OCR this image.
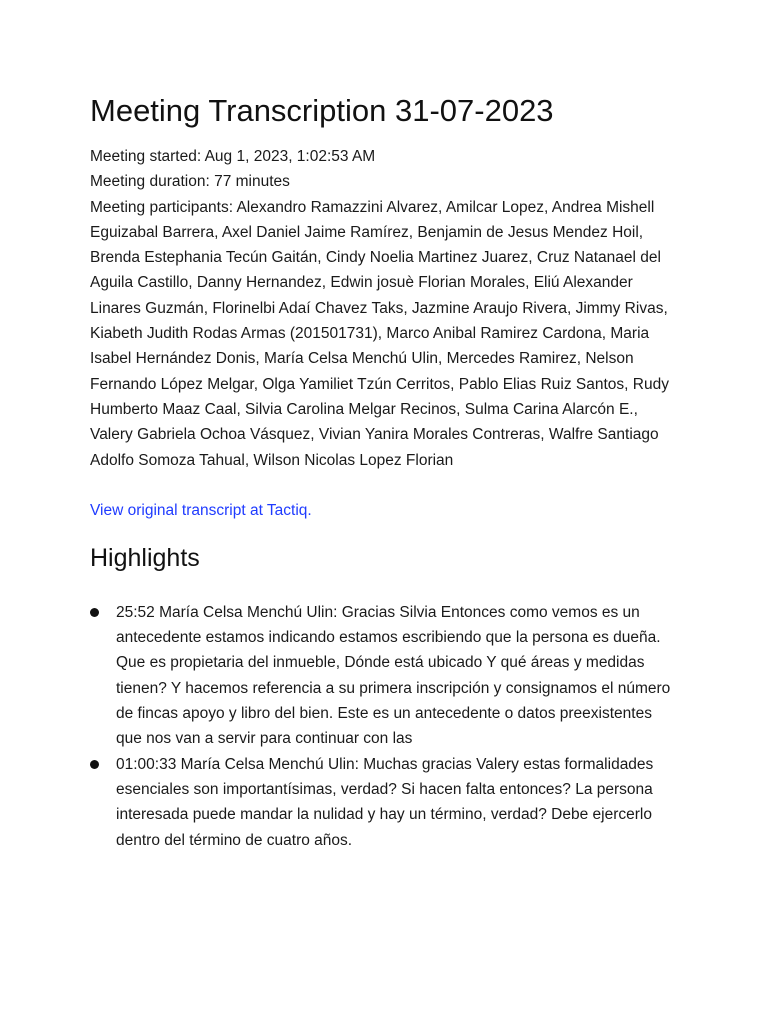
Meeting Transcription 31-07-2023
Meeting started: Aug 1, 2023, 1:02:53 AM
Meeting duration: 77 minutes
Meeting participants: Alexandro Ramazzini Alvarez, Amilcar Lopez, Andrea Mishell Eguizabal Barrera, Axel Daniel Jaime Ramírez, Benjamin de Jesus Mendez Hoil, Brenda Estephania Tecún Gaitán, Cindy Noelia Martinez Juarez, Cruz Natanael del Aguila Castillo, Danny Hernandez, Edwin josuè Florian Morales, Eliú Alexander Linares Guzmán, Florinelbi Adaí Chavez Taks, Jazmine Araujo Rivera, Jimmy Rivas, Kiabeth Judith Rodas Armas (201501731), Marco Anibal Ramirez Cardona, Maria Isabel Hernández Donis, María Celsa Menchú Ulin, Mercedes Ramirez, Nelson Fernando López Melgar, Olga Yamiliet Tzún Cerritos, Pablo Elias Ruiz Santos, Rudy Humberto Maaz Caal, Silvia Carolina Melgar Recinos, Sulma Carina Alarcón E., Valery Gabriela Ochoa Vásquez, Vivian Yanira Morales Contreras, Walfre Santiago Adolfo Somoza Tahual, Wilson Nicolas Lopez Florian
View original transcript at Tactiq.
Highlights
25:52 María Celsa Menchú Ulin: Gracias Silvia Entonces como vemos es un antecedente estamos indicando estamos escribiendo que la persona es dueña. Que es propietaria del inmueble, Dónde está ubicado Y qué áreas y medidas tienen? Y hacemos referencia a su primera inscripción y consignamos el número de fincas apoyo y libro del bien. Este es un antecedente o datos preexistentes que nos van a servir para continuar con las
01:00:33 María Celsa Menchú Ulin: Muchas gracias Valery estas formalidades esenciales son importantísimas, verdad? Si hacen falta entonces? La persona interesada puede mandar la nulidad y hay un término, verdad? Debe ejercerlo dentro del término de cuatro años.
